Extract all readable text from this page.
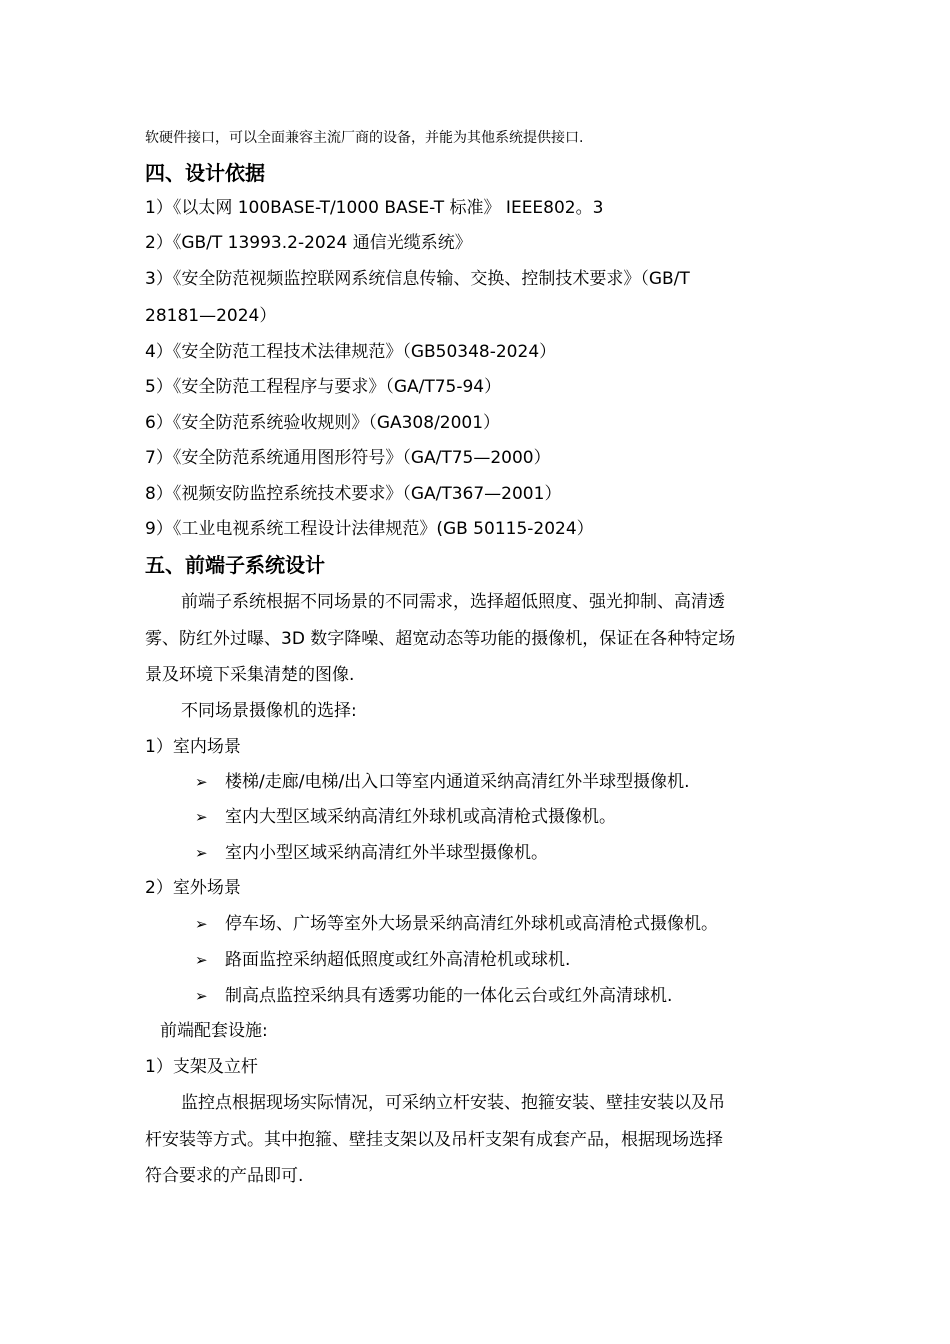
软硬件接口，可以全面兼容主流厂商的设备，并能为其他系统提供接口.
四、设计依据
1）《以太网 100BASE-T/1000 BASE-T 标准》 IEEE802。3
2）《GB/T 13993.2-2024 通信光缆系统》
3）《安全防范视频监控联网系统信息传输、交换、控制技术要求》（GB/T
28181—2024）
4）《安全防范工程技术法律规范》（GB50348-2024）
5）《安全防范工程程序与要求》（GA/T75-94）
6）《安全防范系统验收规则》（GA308/2001）
7）《安全防范系统通用图形符号》（GA/T75—2000）
8）《视频安防监控系统技术要求》（GA/T367—2001）
9）《工业电视系统工程设计法律规范》(GB 50115-2024）
五、前端子系统设计
前端子系统根据不同场景的不同需求，选择超低照度、强光抑制、高清透
雾、防红外过曝、3D 数字降噪、超宽动态等功能的摄像机，保证在各种特定场
景及环境下采集清楚的图像.
不同场景摄像机的选择:
1）室内场景
➢ 楼梯/走廊/电梯/出入口等室内通道采纳高清红外半球型摄像机.
➢ 室内大型区域采纳高清红外球机或高清枪式摄像机。
➢ 室内小型区域采纳高清红外半球型摄像机。
2）室外场景
➢ 停车场、广场等室外大场景采纳高清红外球机或高清枪式摄像机。
➢ 路面监控采纳超低照度或红外高清枪机或球机.
➢ 制高点监控采纳具有透雾功能的一体化云台或红外高清球机.
前端配套设施:
1）支架及立杆
监控点根据现场实际情况，可采纳立杆安装、抱箍安装、壁挂安装以及吊
杆安装等方式。其中抱箍、壁挂支架以及吊杆支架有成套产品，根据现场选择
符合要求的产品即可.
